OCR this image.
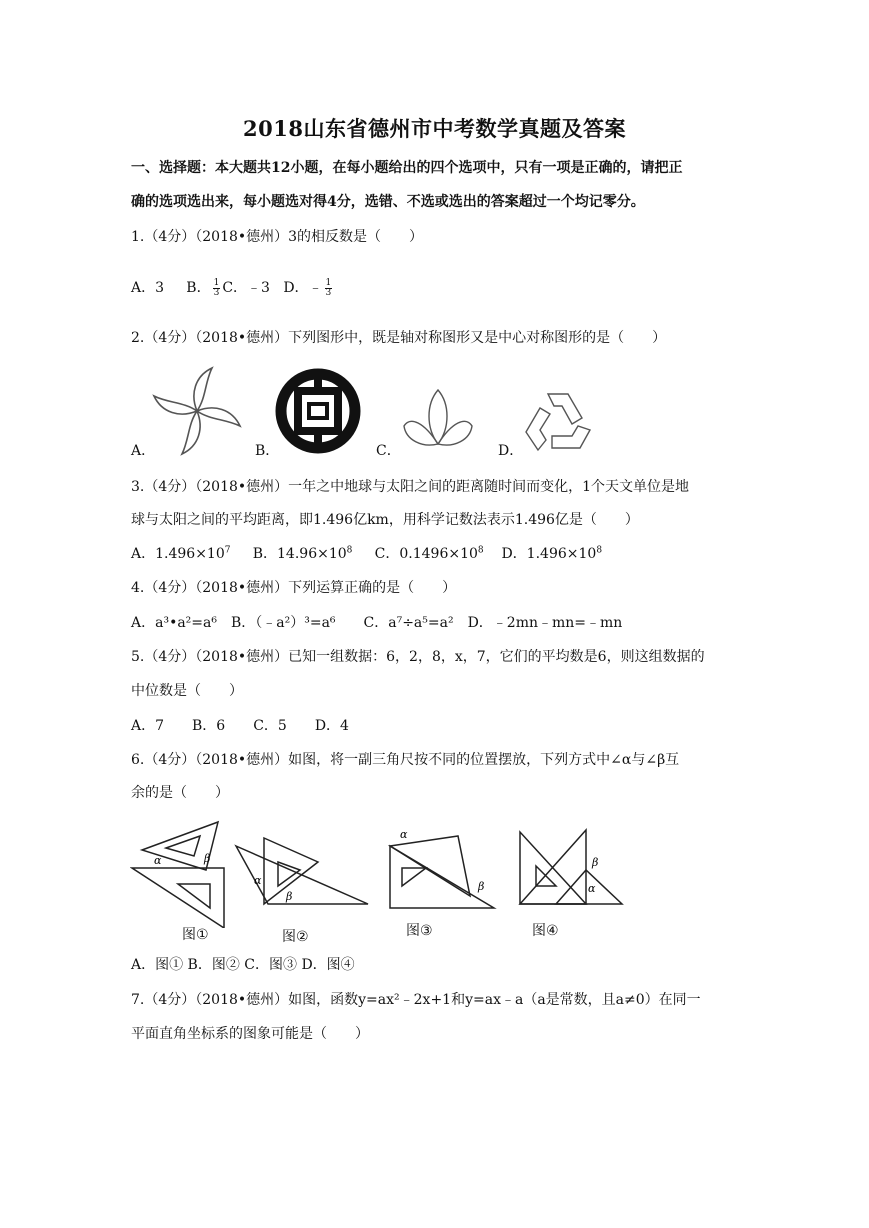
2018山东省德州市中考数学真题及答案
一、选择题：本大题共12小题，在每小题给出的四个选项中，只有一项是正确的，请把正
确的选项选出来，每小题选对得4分，选错、不选或选出的答案超过一个均记零分。
1.（4分）（2018•德州）3的相反数是（　　）
A．3 B． $\frac{1}{3}$ C．﹣3 D．﹣ $\frac{1}{3}$
2.（4分）（2018•德州）下列图形中，既是轴对称图形又是中心对称图形的是（　　）
A．	B．	C．	D．
3.（4分）（2018•德州）一年之中地球与太阳之间的距离随时间而变化，1个天文单位是地
球与太阳之间的平均距离，即1.496亿km，用科学记数法表示1.496亿是（　　）
A．$1.496\times 10^7$ B．$14.96\times 10^8$ C．$0.1496\times 10^8$ D．$1.496\times 10^8$
4.（4分）（2018•德州）下列运算正确的是（　　）
A．a³•a²=a⁶　B．（﹣a²）³=a⁶　　C．a⁷÷a⁵=a²　D．﹣2mn﹣mn=﹣mn
5.（4分）（2018•德州）已知一组数据：6，2，8，x，7，它们的平均数是6，则这组数据的
中位数是（　　）
A．7　　B．6　　C．5　　D．4
6.（4分）（2018•德州）如图，将一副三角尺按不同的位置摆放，下列方式中∠α与∠β互
余的是（　　）
α	β
图①
α
β
图②
α
β
图③
β
α
图④
A．图① B．图② C．图③ D．图④
7.（4分）（2018•德州）如图，函数y=ax²﹣2x+1和y=ax﹣a（a是常数，且a≠0）在同一
平面直角坐标系的图象可能是（　　）
